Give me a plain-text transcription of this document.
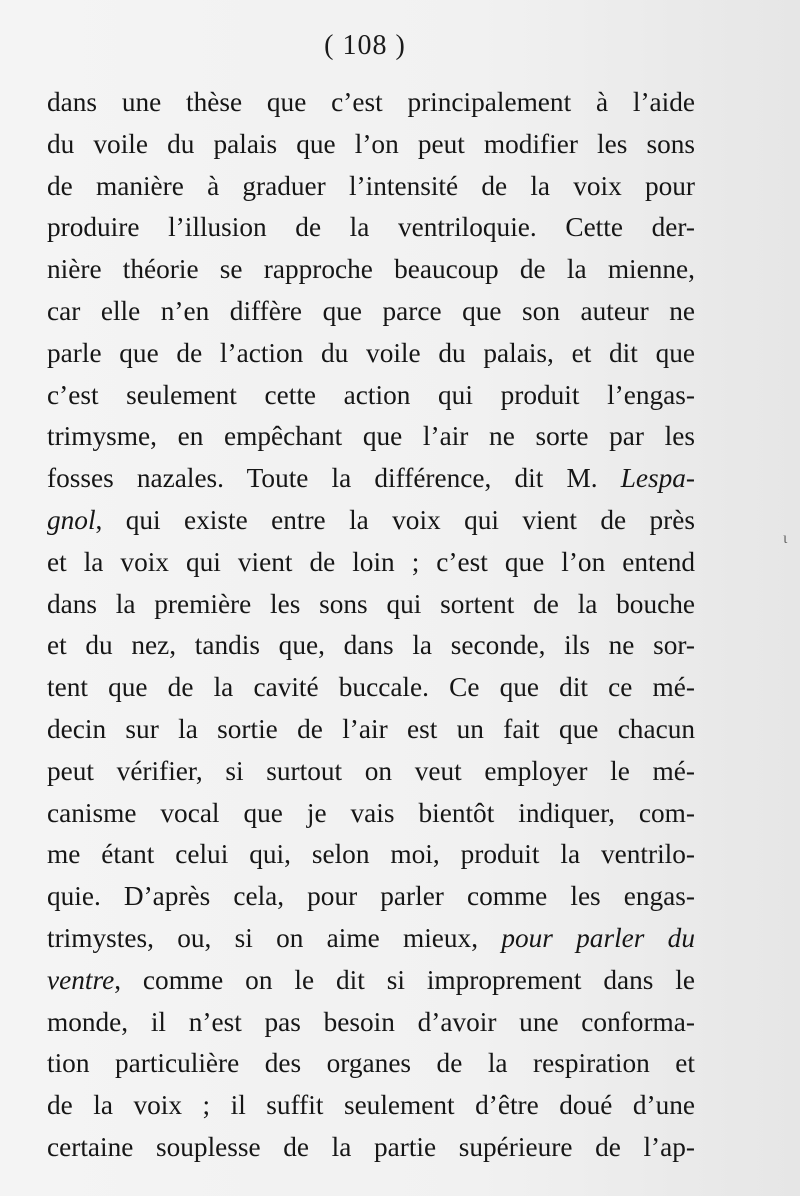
( 108 )
dans une thèse que c’est principalement à l’aide
du voile du palais que l’on peut modifier les sons
de manière à graduer l’intensité de la voix pour
produire l’illusion de la ventriloquie. Cette der-
nière théorie se rapproche beaucoup de la mienne,
car elle n’en diffère que parce que son auteur ne
parle que de l’action du voile du palais, et dit que
c’est seulement cette action qui produit l’engas-
trimysme, en empêchant que l’air ne sorte par les
fosses nazales. Toute la différence, dit M. Lespa-
gnol, qui existe entre la voix qui vient de près
et la voix qui vient de loin ; c’est que l’on entend
dans la première les sons qui sortent de la bouche
et du nez, tandis que, dans la seconde, ils ne sor-
tent que de la cavité buccale. Ce que dit ce mé-
decin sur la sortie de l’air est un fait que chacun
peut vérifier, si surtout on veut employer le mé-
canisme vocal que je vais bientôt indiquer, com-
me étant celui qui, selon moi, produit la ventrilo-
quie. D’après cela, pour parler comme les engas-
trimystes, ou, si on aime mieux, pour parler du
ventre, comme on le dit si improprement dans le
monde, il n’est pas besoin d’avoir une conforma-
tion particulière des organes de la respiration et
de la voix ; il suffit seulement d’être doué d’une
certaine souplesse de la partie supérieure de l’ap-
ι
